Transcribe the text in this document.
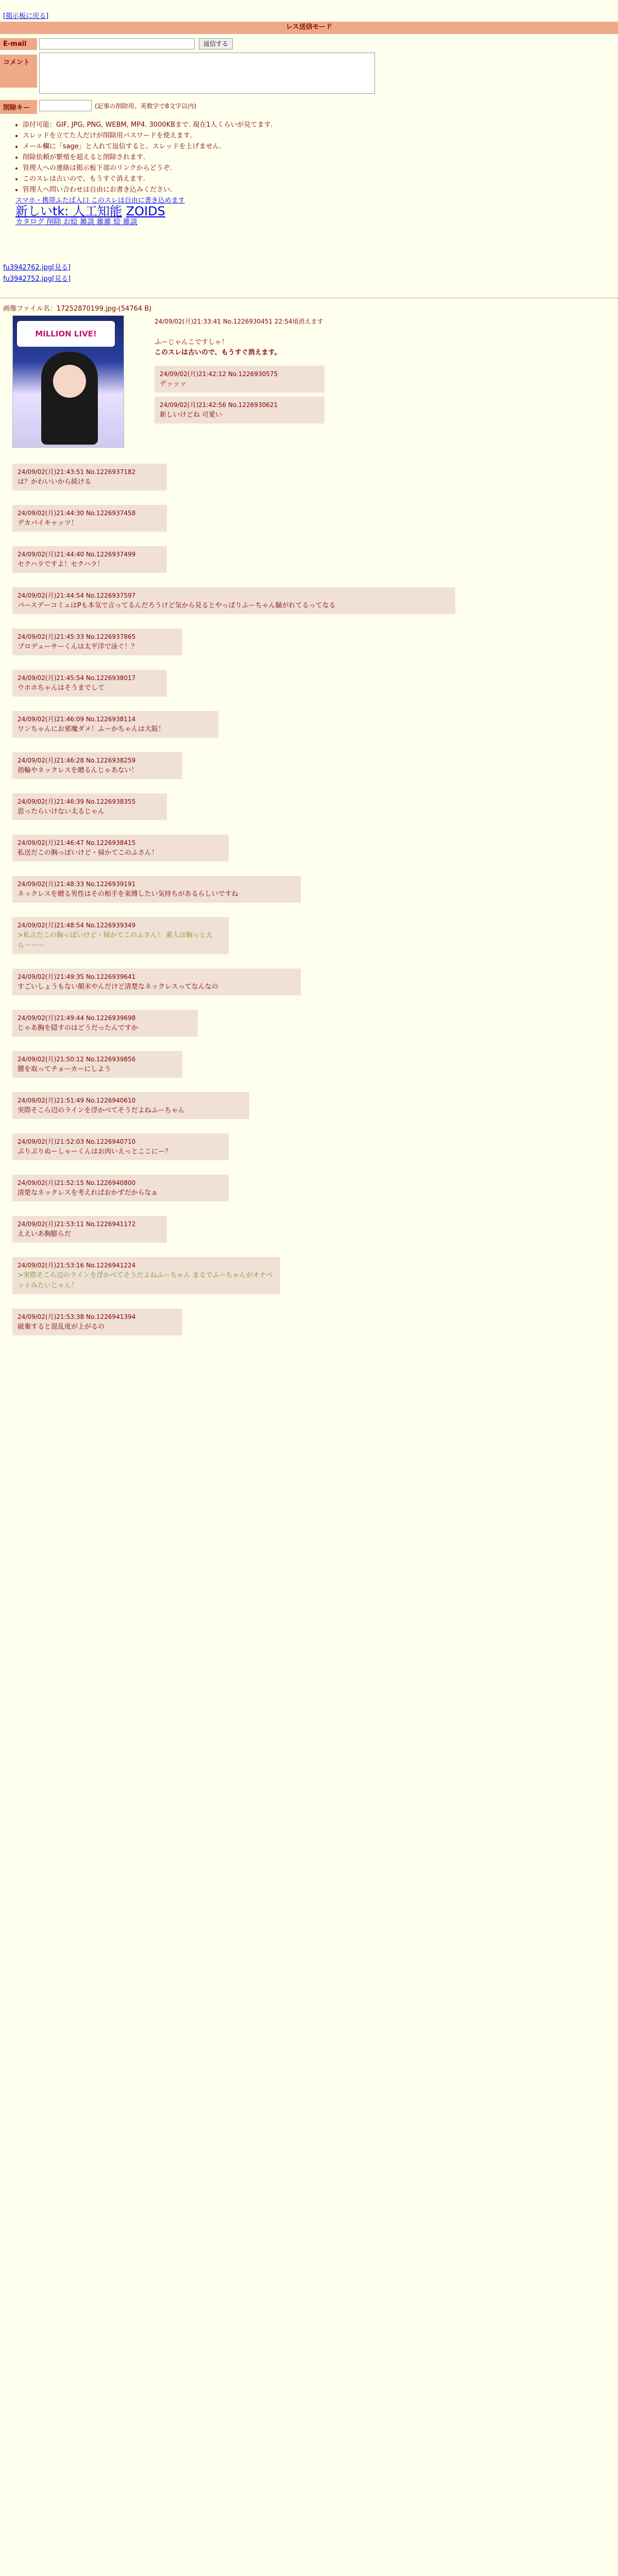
[掲示板に戻る]
レス送信モード
E-mail	返信する
コメント
削除キー	(記事の削除用。英数字で8文字以内)
• 添付可能：GIF, JPG, PNG, WEBM, MP4. 3000KBまで. 現在1人くらいが見てます.
• スレッドを立てた人だけが削除用パスワードを使えます.
• メール欄に「sage」と入れて返信すると、スレッドを上げません.
• 削除依頼が繁殖を超えると削除されます.
• 管理人への連絡は掲示板下部のリンクからどうぞ.
• このスレは古いので、もうすぐ消えます.
• 管理人へ問い合わせは自由にお書き込みください.
スマホ・携帯ふたば入口 このスレは自由に書き込めます
新しいtk: 人工知能 ZOIDS
カタログ 削除 お絵 雑談 雑雑 絵 雑談
fu3942762.jpg[見る]
fu3942752.jpg[見る]
画像ファイル名：17252870199.jpg-(54764 B)
MILLION LIVE!
24/09/02(月)21:33:41 No.1226930451 22:54頃消えます
ふーじゃんこですしゃ！
このスレは古いので、もうすぐ消えます。
24/09/02(月)21:42:12 No.1226930575
デッッッ
24/09/02(月)21:42:56 No.1226930621
新しいけどね 可愛い
24/09/02(月)21:43:51 No.1226937182
は？かわいいから続ける
24/09/02(月)21:44:30 No.1226937458
デカパイキャッツ！
24/09/02(月)21:44:40 No.1226937499
セクハラですよ！セクハラ！
24/09/02(月)21:44:54 No.1226937597
バースデーコミュはPも本気で言ってるんだろうけど気から見るとやっぱりふーちゃん騒がれてるってなる
24/09/02(月)21:45:33 No.1226937865
プロデューサーくんは太平洋で泳ぐ！？
24/09/02(月)21:45:54 No.1226938017
ウホホちゃんはそうまでして
24/09/02(月)21:46:09 No.1226938114
ワンちゃんにお邪魔ダメ！ふーかちゃんは大阪！
24/09/02(月)21:46:28 No.1226938259
指輪やネックレスを贈るんじゃあない！
24/09/02(月)21:46:39 No.1226938355
思ったらいけない太るじゃん
24/09/02(月)21:46:47 No.1226938415
私送だこの胸っぽいけど・掃かてこのふさん！
24/09/02(月)21:48:33 No.1226939191
ネックレスを贈る男性はその相手を束縛したい気持ちがあるらしいですね
24/09/02(月)21:48:54 No.1226939349
>私言だこの胸っぽいけど・掃かてこのふさん！ 素人は胸っとえら〜〜〜
24/09/02(月)21:49:35 No.1226939641
すごいしょうもない顛末やんだけど清楚なネックレスってなんなの
24/09/02(月)21:49:44 No.1226939698
じゃあ胸を隠すのはどうだったんですか
24/09/02(月)21:50:12 No.1226939856
腰を取ってチョーカーにしよう
24/09/02(月)21:51:49 No.1226940610
実際そこら辺のラインを浮かべてそうだよねふーちゃん
24/09/02(月)21:52:03 No.1226940710
ぷりぷりぬーしゃーくんはお肉いえっとここにー？
24/09/02(月)21:52:15 No.1226940800
清楚なネックレスを考えればおかずだからなぁ
24/09/02(月)21:53:11 No.1226941172
ええいあ胸膨らだ
24/09/02(月)21:53:16 No.1226941224
>実際そこら辺のラインを浮かべてそうだよねふーちゃん まるでふーちゃんがオナペットみたいじゃん！
24/09/02(月)21:53:38 No.1226941394
破棄すると混乱度が上がるの
